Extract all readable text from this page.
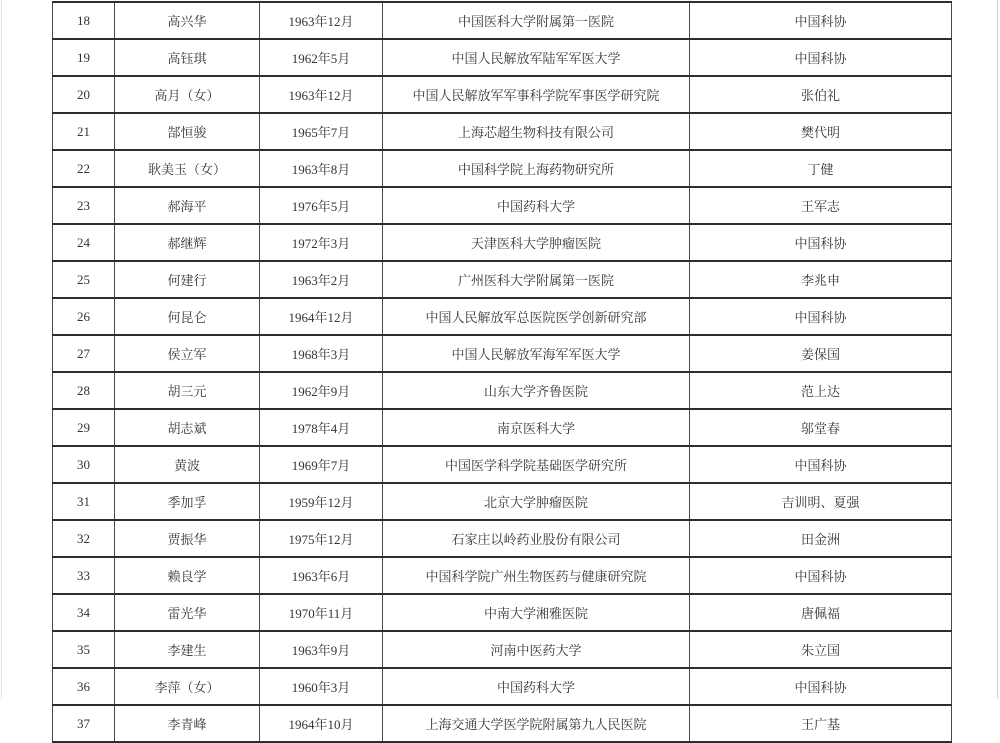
18	高兴华	1963年12月	中国医科大学附属第一医院	中国科协
19	高钰琪	1962年5月	中国人民解放军陆军军医大学	中国科协
20	高月（女）	1963年12月	中国人民解放军军事科学院军事医学研究院	张伯礼
21	郜恒骏	1965年7月	上海芯超生物科技有限公司	樊代明
22	耿美玉（女）	1963年8月	中国科学院上海药物研究所	丁健
23	郝海平	1976年5月	中国药科大学	王军志
24	郝继辉	1972年3月	天津医科大学肿瘤医院	中国科协
25	何建行	1963年2月	广州医科大学附属第一医院	李兆申
26	何昆仑	1964年12月	中国人民解放军总医院医学创新研究部	中国科协
27	侯立军	1968年3月	中国人民解放军海军军医大学	姜保国
28	胡三元	1962年9月	山东大学齐鲁医院	范上达
29	胡志斌	1978年4月	南京医科大学	邬堂春
30	黄波	1969年7月	中国医学科学院基础医学研究所	中国科协
31	季加孚	1959年12月	北京大学肿瘤医院	吉训明、夏强
32	贾振华	1975年12月	石家庄以岭药业股份有限公司	田金洲
33	赖良学	1963年6月	中国科学院广州生物医药与健康研究院	中国科协
34	雷光华	1970年11月	中南大学湘雅医院	唐佩福
35	李建生	1963年9月	河南中医药大学	朱立国
36	李萍（女）	1960年3月	中国药科大学	中国科协
37	李青峰	1964年10月	上海交通大学医学院附属第九人民医院	王广基
